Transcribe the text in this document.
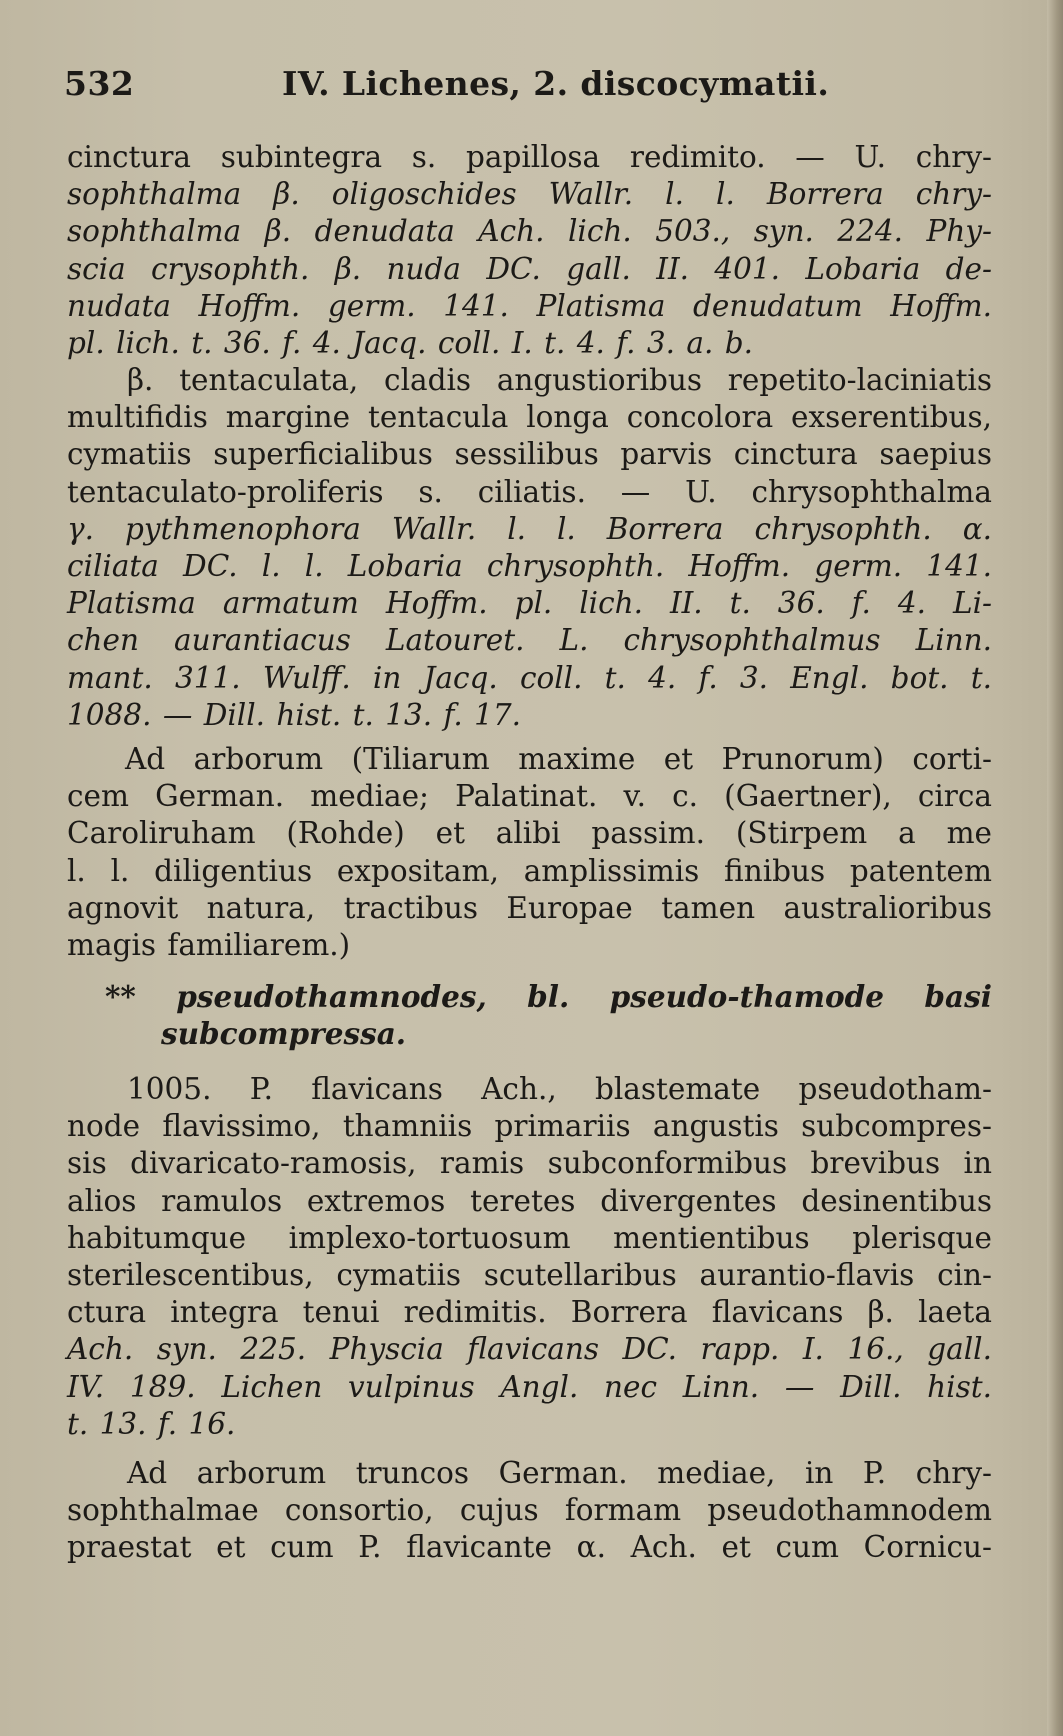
532	IV. Lichenes, 2. discocymatii.
cinctura subintegra s. papillosa redimito. — U. chry-
sophthalma β. oligoschides Wallr. l. l. Borrera chry-
sophthalma β. denudata Ach. lich. 503., syn. 224. Phy-
scia crysophth. β. nuda DC. gall. II. 401. Lobaria de-
nudata Hoffm. germ. 141. Platisma denudatum Hoffm.
pl. lich. t. 36. f. 4. Jacq. coll. I. t. 4. f. 3. a. b.
β. tentaculata, cladis angustioribus repetito-laciniatis
multifidis margine tentacula longa concolora exserentibus,
cymatiis superficialibus sessilibus parvis cinctura saepius
tentaculato-proliferis s. ciliatis. — U. chrysophthalma
γ. pythmenophora Wallr. l. l. Borrera chrysophth. α.
ciliata DC. l. l. Lobaria chrysophth. Hoffm. germ. 141.
Platisma armatum Hoffm. pl. lich. II. t. 36. f. 4. Li-
chen aurantiacus Latouret. L. chrysophthalmus Linn.
mant. 311. Wulff. in Jacq. coll. t. 4. f. 3. Engl. bot. t.
1088. — Dill. hist. t. 13. f. 17.
Ad arborum (Tiliarum maxime et Prunorum) corti-
cem German. mediae; Palatinat. v. c. (Gaertner), circa
Caroliruham (Rohde) et alibi passim. (Stirpem a me
l. l. diligentius expositam, amplissimis finibus patentem
agnovit natura, tractibus Europae tamen australioribus
magis familiarem.)
** pseudothamnodes, bl. pseudo-thamode basi
subcompressa.
1005. P. flavicans Ach., blastemate pseudotham-
node flavissimo, thamniis primariis angustis subcompres-
sis divaricato-ramosis, ramis subconformibus brevibus in
alios ramulos extremos teretes divergentes desinentibus
habitumque implexo-tortuosum mentientibus plerisque
sterilescentibus, cymatiis scutellaribus aurantio-flavis cin-
ctura integra tenui redimitis. Borrera flavicans β. laeta
Ach. syn. 225. Physcia flavicans DC. rapp. I. 16., gall.
IV. 189. Lichen vulpinus Angl. nec Linn. — Dill. hist.
t. 13. f. 16.
Ad arborum truncos German. mediae, in P. chry-
sophthalmae consortio, cujus formam pseudothamnodem
praestat et cum P. flavicante α. Ach. et cum Cornicu-
